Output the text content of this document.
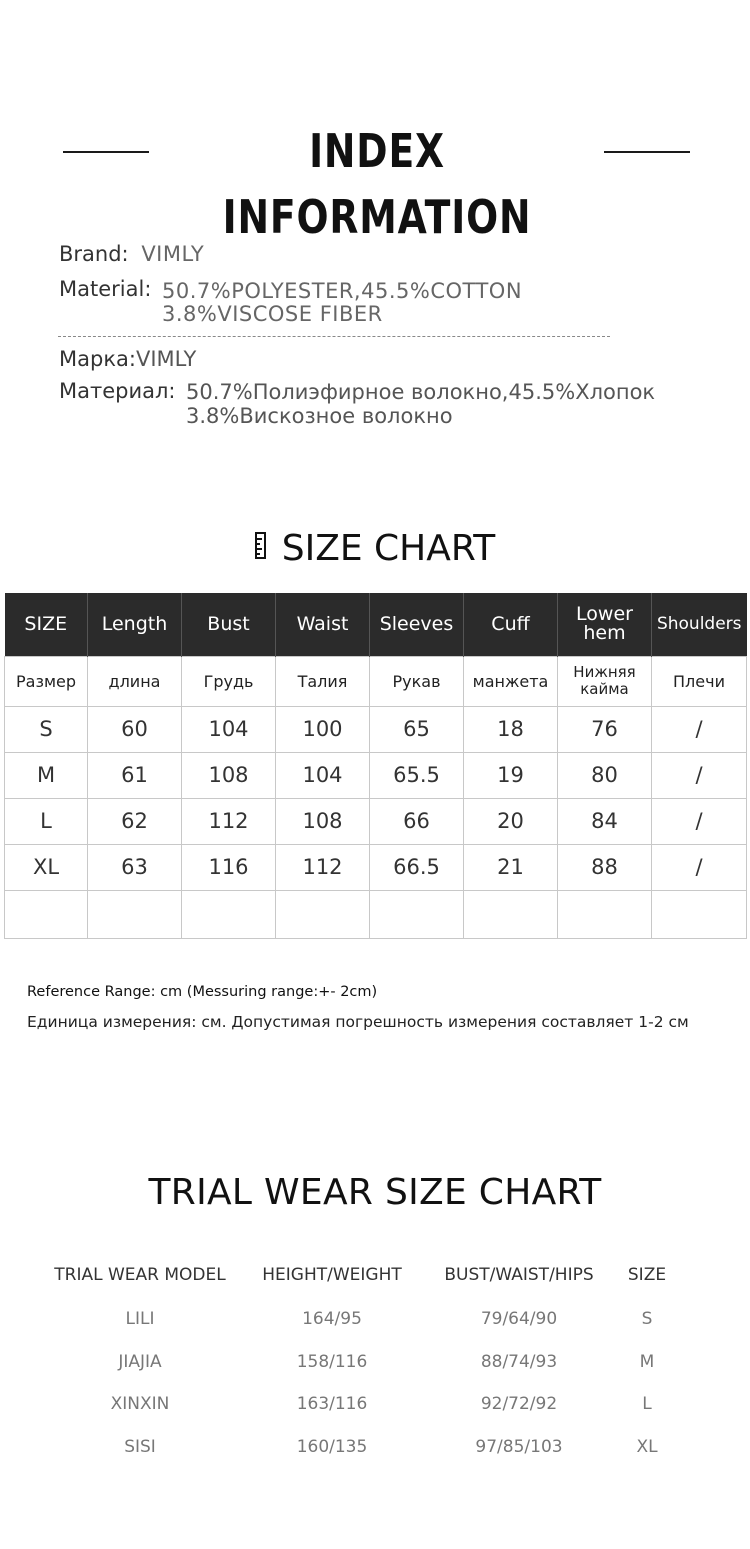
INDEX INFORMATION
Brand: VIMLY
Material: 50.7%POLYESTER,45.5%COTTON
3.8%VISCOSE FIBER
Марка:VIMLY
Материал: 50.7%Полиэфирное волокно,45.5%Хлопок
3.8%Вискозное волокно
SIZE CHART
SIZE	Length	Bust	Waist	Sleeves	Cuff	Lower hem	Shoulders
Размер	длина	Грудь	Талия	Рукав	манжета	Нижняя кайма	Плечи
S	60	104	100	65	18	76	/
M	61	108	104	65.5	19	80	/
L	62	112	108	66	20	84	/
XL	63	116	112	66.5	21	88	/

Reference Range: cm (Messuring range:+- 2cm)
Единица измерения: см. Допустимая погрешность измерения составляет 1-2 см
TRIAL WEAR SIZE CHART
TRIAL WEAR MODEL	HEIGHT/WEIGHT	BUST/WAIST/HIPS	SIZE
LILI	164/95	79/64/90	S
JIAJIA	158/116	88/74/93	M
XINXIN	163/116	92/72/92	L
SISI	160/135	97/85/103	XL
